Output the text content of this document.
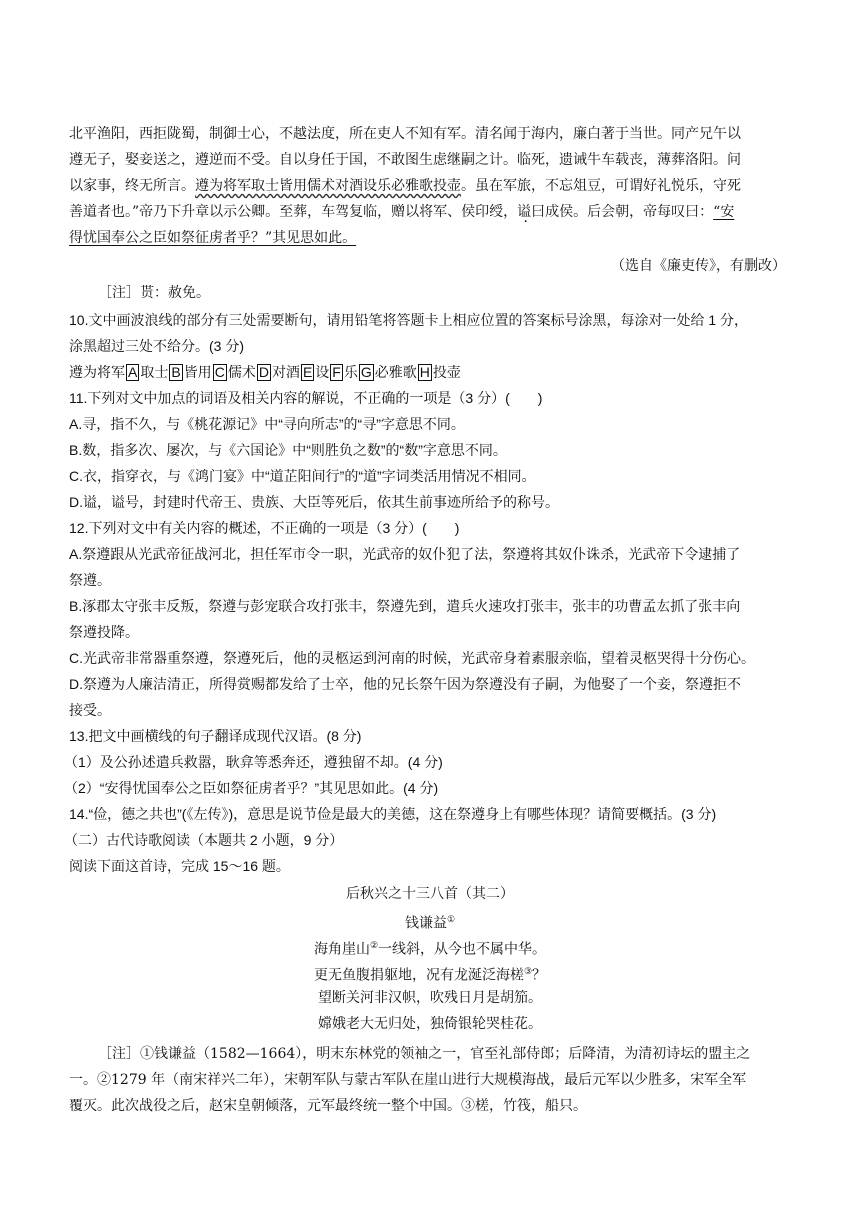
北平渔阳，西拒陇蜀，制御士心，不越法度，所在吏人不知有军。清名闻于海内，廉白著于当世。同产兄午以
遵无子，娶妾送之，遵逆而不受。自以身任于国，不敢图生虑继嗣之计。临死，遗诫牛车载丧，薄葬洛阳。问
以家事，终无所言。遵为将军取士皆用儒术对酒设乐必雅歌投壶。虽在军旅，不忘俎豆，可谓好礼悦乐，守死
善道者也。”帝乃下升章以示公卿。至葬，车驾复临，赠以将军、侯印绶，谥曰成侯。后会朝，帝每叹曰：“安
得忧国奉公之臣如祭征虏者乎？”其见思如此。
（选自《廉吏传》，有删改）
［注］贳：赦免。
10.文中画波浪线的部分有三处需要断句，请用铅笔将答题卡上相应位置的答案标号涂黑，每涂对一处给 1 分，
涂黑超过三处不给分。(3 分)
遵为将军 A 取士 B 皆用 C 儒术 D 对酒 E 设 F 乐 G 必雅歌 H 投壶
11.下列对文中加点的词语及相关内容的解说，不正确的一项是（3 分）(　　)
A.寻，指不久，与《桃花源记》中“寻向所志”的“寻”字意思不同。
B.数，指多次、屡次，与《六国论》中“则胜负之数”的“数”字意思不同。
C.衣，指穿衣，与《鸿门宴》中“道芷阳间行”的“道”字词类活用情况不相同。
D.谥，谥号，封建时代帝王、贵族、大臣等死后，依其生前事迹所给予的称号。
12.下列对文中有关内容的概述，不正确的一项是（3 分）(　　)
A.祭遵跟从光武帝征战河北，担任军市令一职，光武帝的奴仆犯了法，祭遵将其奴仆诛杀，光武帝下令逮捕了
祭遵。
B.涿郡太守张丰反叛，祭遵与彭宠联合攻打张丰，祭遵先到，遣兵火速攻打张丰，张丰的功曹孟厷抓了张丰向
祭遵投降。
C.光武帝非常器重祭遵，祭遵死后，他的灵柩运到河南的时候，光武帝身着素服亲临，望着灵柩哭得十分伤心。
D.祭遵为人廉洁清正，所得赏赐都发给了士卒，他的兄长祭午因为祭遵没有子嗣，为他娶了一个妾，祭遵拒不
接受。
13.把文中画横线的句子翻译成现代汉语。(8 分)
（1）及公孙述遣兵救嚣，耿弇等悉奔还，遵独留不却。(4 分)
（2）“安得忧国奉公之臣如祭征虏者乎？”其见思如此。(4 分)
14.“俭，德之共也”(《左传》)，意思是说节俭是最大的美德，这在祭遵身上有哪些体现？请简要概括。(3 分)
（二）古代诗歌阅读（本题共 2 小题，9 分）
阅读下面这首诗，完成 15～16 题。
后秋兴之十三八首（其二）
钱谦益①
海角崖山②一线斜，从今也不属中华。
更无鱼腹捐躯地，况有龙涎泛海槎③？
望断关河非汉帜，吹残日月是胡笳。
嫦娥老大无归处，独倚银轮哭桂花。
［注］①钱谦益（1582—1664），明末东林党的领袖之一，官至礼部侍郎；后降清，为清初诗坛的盟主之
一。②1279 年（南宋祥兴二年），宋朝军队与蒙古军队在崖山进行大规模海战，最后元军以少胜多，宋军全军
覆灭。此次战役之后，赵宋皇朝倾落，元军最终统一整个中国。③槎，竹筏，船只。
